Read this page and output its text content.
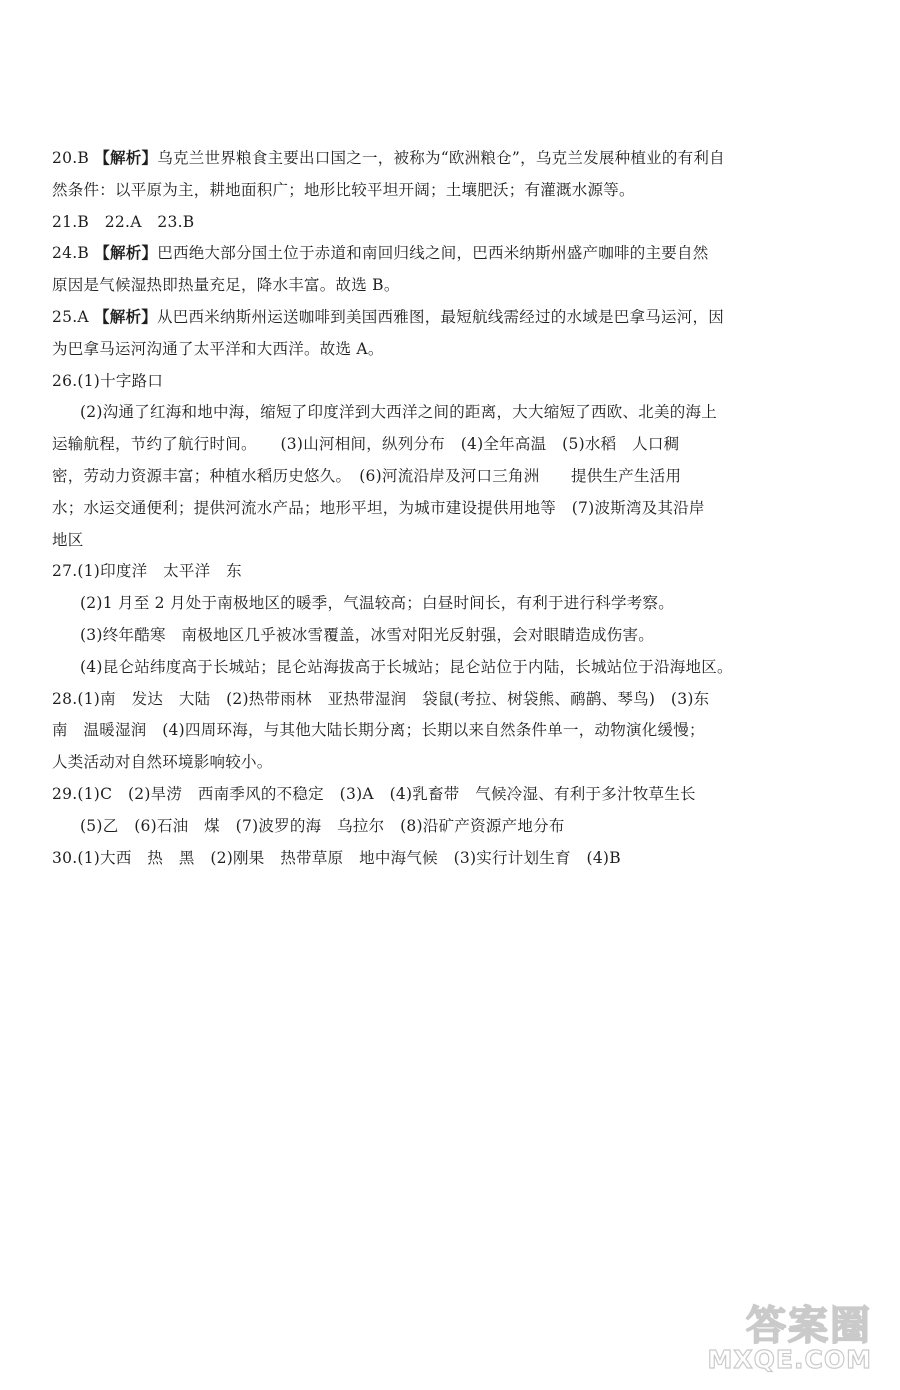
20.B 【解析】乌克兰世界粮食主要出口国之一，被称为“欧洲粮仓”，乌克兰发展种植业的有利自
然条件：以平原为主，耕地面积广；地形比较平坦开阔；土壤肥沃；有灌溉水源等。
21.B　22.A　23.B
24.B 【解析】巴西绝大部分国土位于赤道和南回归线之间，巴西米纳斯州盛产咖啡的主要自然
原因是气候湿热即热量充足，降水丰富。故选 B。
25.A 【解析】从巴西米纳斯州运送咖啡到美国西雅图，最短航线需经过的水域是巴拿马运河，因
为巴拿马运河沟通了太平洋和大西洋。故选 A。
26.(1)十字路口
(2)沟通了红海和地中海，缩短了印度洋到大西洋之间的距离，大大缩短了西欧、北美的海上
运输航程，节约了航行时间。　　(3)山河相间，纵列分布　(4)全年高温　(5)水稻　人口稠
密，劳动力资源丰富；种植水稻历史悠久。　(6)河流沿岸及河口三角洲　　提供生产生活用
水；水运交通便利；提供河流水产品；地形平坦，为城市建设提供用地等　(7)波斯湾及其沿岸
地区
27.(1)印度洋　太平洋　东
(2)1 月至 2 月处于南极地区的暖季，气温较高；白昼时间长，有利于进行科学考察。
(3)终年酷寒　南极地区几乎被冰雪覆盖，冰雪对阳光反射强，会对眼睛造成伤害。
(4)昆仑站纬度高于长城站；昆仑站海拔高于长城站；昆仑站位于内陆，长城站位于沿海地区。
28.(1)南　发达　大陆　(2)热带雨林　亚热带湿润　袋鼠(考拉、树袋熊、鸸鹋、琴鸟)　(3)东
南　温暖湿润　(4)四周环海，与其他大陆长期分离；长期以来自然条件单一，动物演化缓慢；
人类活动对自然环境影响较小。
29.(1)C　(2)旱涝　西南季风的不稳定　(3)A　(4)乳畜带　气候冷湿、有利于多汁牧草生长
(5)乙　(6)石油　煤　(7)波罗的海　乌拉尔　(8)沿矿产资源产地分布
30.(1)大西　热　黑　(2)刚果　热带草原　地中海气候　(3)实行计划生育　(4)B
答案圈
MXQE.COM
